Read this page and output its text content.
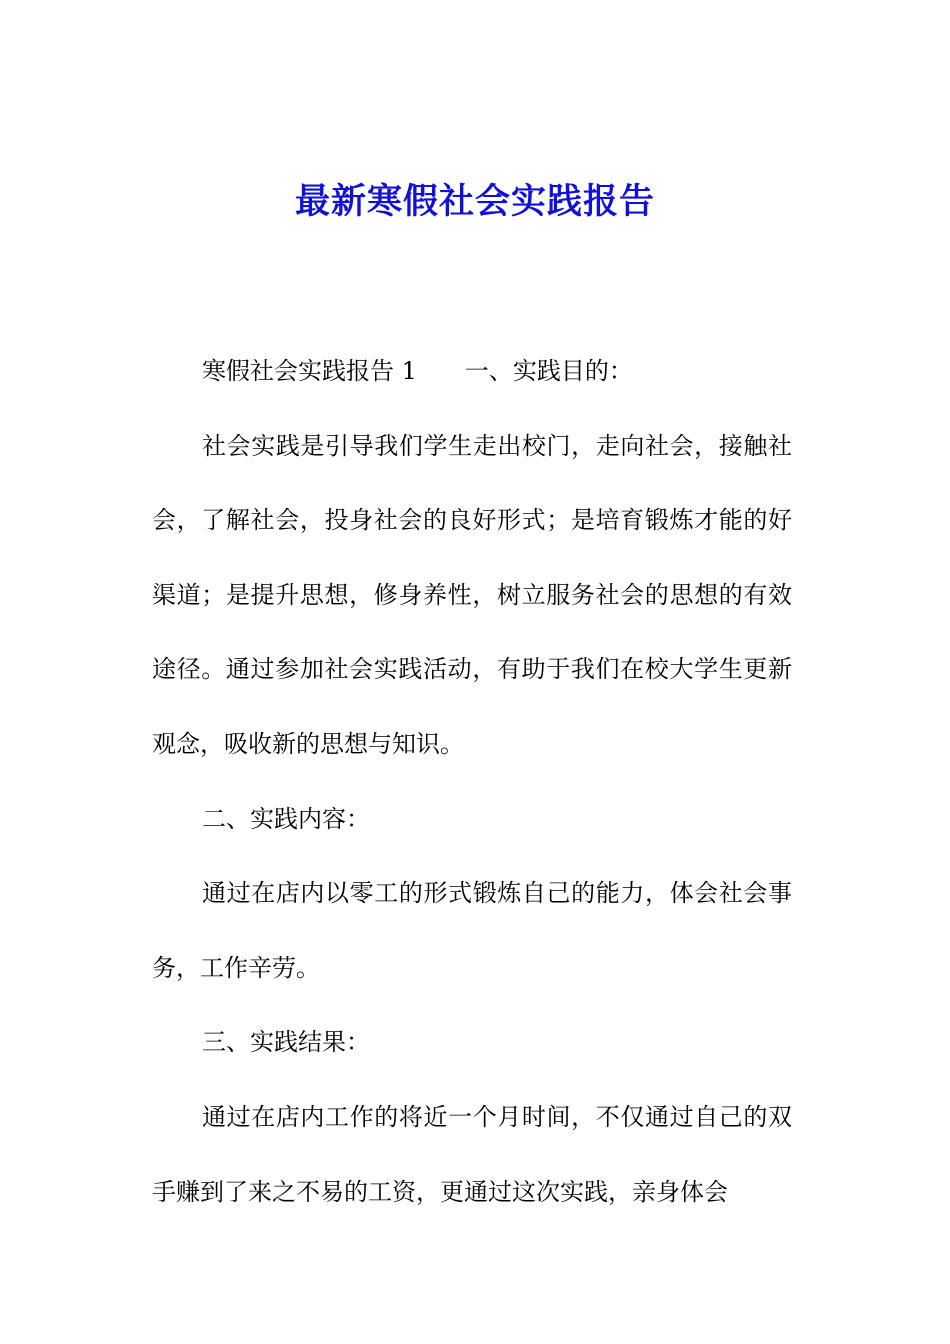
最新寒假社会实践报告

寒假社会实践报告 1 一、实践目的：

社会实践是引导我们学生走出校门，走向社会，接触社会，了解社会，投身社会的良好形式；是培育锻炼才能的好渠道；是提升思想，修身养性，树立服务社会的思想的有效途径。通过参加社会实践活动，有助于我们在校大学生更新观念，吸收新的思想与知识。

二、实践内容：

通过在店内以零工的形式锻炼自己的能力，体会社会事务，工作辛劳。

三、实践结果：

通过在店内工作的将近一个月时间，不仅通过自己的双手赚到了来之不易的工资，更通过这次实践，亲身体会
